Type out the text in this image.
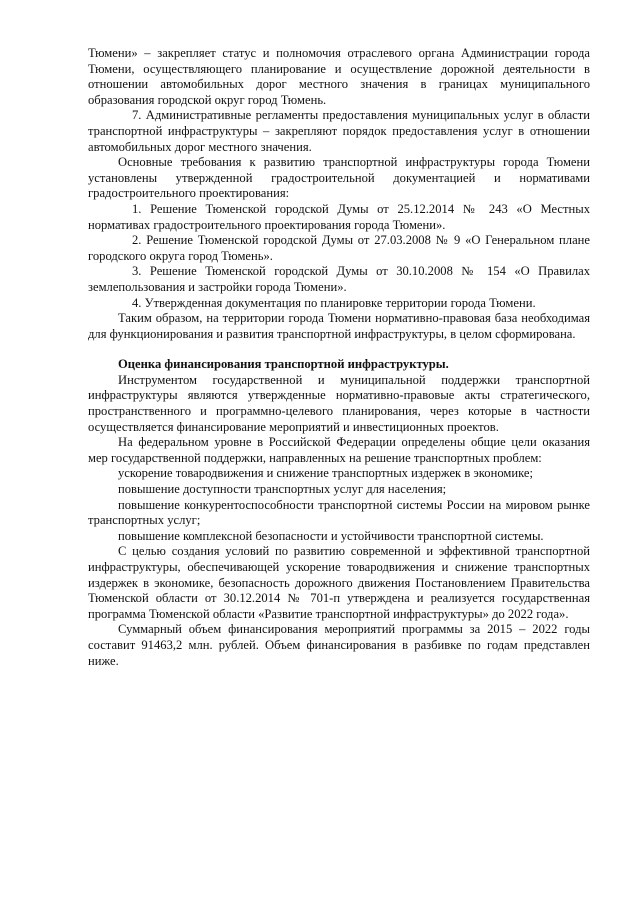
Тюмени» – закрепляет статус и полномочия отраслевого органа Администрации города Тюмени, осуществляющего планирование и осуществление дорожной деятельности в отношении автомобильных дорог местного значения в границах муниципального образования городской округ город Тюмень.

7. Административные регламенты предоставления муниципальных услуг в области транспортной инфраструктуры – закрепляют порядок предоставления услуг в отношении автомобильных дорог местного значения.

Основные требования к развитию транспортной инфраструктуры города Тюмени установлены утвержденной градостроительной документацией и нормативами градостроительного проектирования:

1. Решение Тюменской городской Думы от 25.12.2014 № 243 «О Местных нормативах градостроительного проектирования города Тюмени».

2. Решение Тюменской городской Думы от 27.03.2008 № 9 «О Генеральном плане городского округа город Тюмень».

3. Решение Тюменской городской Думы от 30.10.2008 № 154 «О Правилах землепользования и застройки города Тюмени».

4. Утвержденная документация по планировке территории города Тюмени.

Таким образом, на территории города Тюмени нормативно-правовая база необходимая для функционирования и развития транспортной инфраструктуры, в целом сформирована.

Оценка финансирования транспортной инфраструктуры.

Инструментом государственной и муниципальной поддержки транспортной инфраструктуры являются утвержденные нормативно-правовые акты стратегического, пространственного и программно-целевого планирования, через которые в частности осуществляется финансирование мероприятий и инвестиционных проектов.

На федеральном уровне в Российской Федерации определены общие цели оказания мер государственной поддержки, направленных на решение транспортных проблем:

ускорение товародвижения и снижение транспортных издержек в экономике;

повышение доступности транспортных услуг для населения;

повышение конкурентоспособности транспортной системы России на мировом рынке транспортных услуг;

повышение комплексной безопасности и устойчивости транспортной системы.

С целью создания условий по развитию современной и эффективной транспортной инфраструктуры, обеспечивающей ускорение товародвижения и снижение транспортных издержек в экономике, безопасность дорожного движения Постановлением Правительства Тюменской области от 30.12.2014 № 701-п утверждена и реализуется государственная программа Тюменской области «Развитие транспортной инфраструктуры» до 2022 года».

Суммарный объем финансирования мероприятий программы за 2015 – 2022 годы составит 91463,2 млн. рублей. Объем финансирования в разбивке по годам представлен ниже.
